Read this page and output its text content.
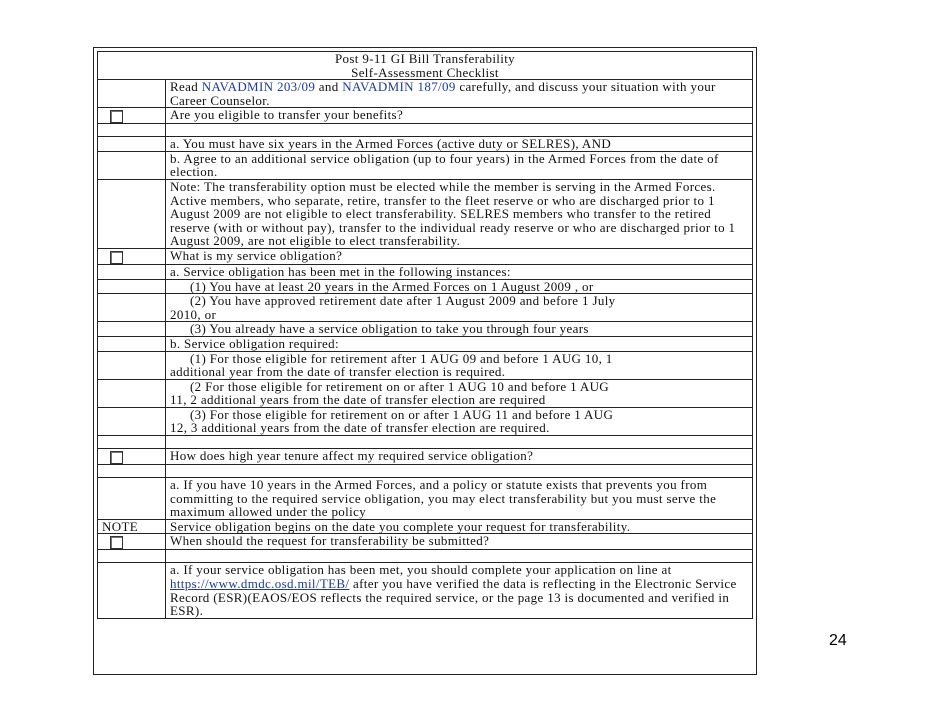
Post 9-11 GI Bill Transferability
Self-Assessment Checklist	

	Read NAVADMIN 203/09 and NAVADMIN 187/09 carefully, and discuss your situation with your Career Counselor.

	Are you eligible to transfer your benefits?

	a. You must have six years in the Armed Forces (active duty or SELRES), AND
	b. Agree to an additional service obligation (up to four years) in the Armed Forces from the date of election.
	Note: The transferability option must be elected while the member is serving in the Armed Forces. Active members, who separate, retire, transfer to the fleet reserve or who are discharged prior to 1 August 2009 are not eligible to elect transferability. SELRES members who transfer to the retired reserve (with or without pay), transfer to the individual ready reserve or who are discharged prior to 1 August 2009, are not eligible to elect transferability.

	What is my service obligation?
	a. Service obligation has been met in the following instances:
	(1) You have at least 20 years in the Armed Forces on 1 August 2009 , or
	(2) You have approved retirement date after 1 August 2009 and before 1 July
2010, or
	(3) You already have a service obligation to take you through four years
	b. Service obligation required:
	(1) For those eligible for retirement after 1 AUG 09 and before 1 AUG 10, 1
additional year from the date of transfer election is required.
	(2 For those eligible for retirement on or after 1 AUG 10 and before 1 AUG
11, 2 additional years from the date of transfer election are required
	(3) For those eligible for retirement on or after 1 AUG 11 and before 1 AUG
12, 3 additional years from the date of transfer election are required.

	How does high year tenure affect my required service obligation?

	a. If you have 10 years in the Armed Forces, and a policy or statute exists that prevents you from committing to the required service obligation, you may elect transferability but you must serve the maximum allowed under the policy
NOTE	Service obligation begins on the date you complete your request for transferability.

	When should the request for transferability be submitted?

	a. If your service obligation has been met, you should complete your application on line at https://www.dmdc.osd.mil/TEB/ after you have verified the data is reflecting in the Electronic Service Record (ESR)(EAOS/EOS reflects the required service, or the page 13 is documented and verified in ESR).
24
